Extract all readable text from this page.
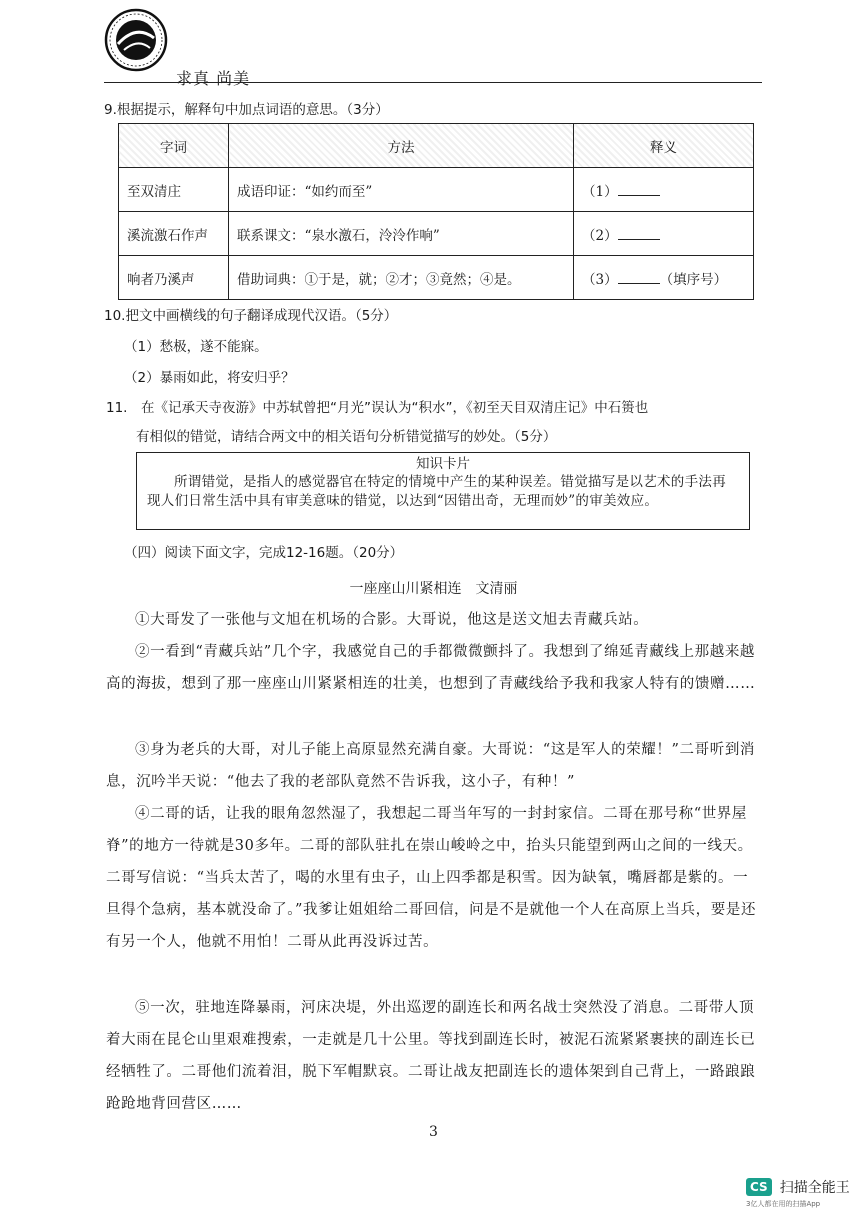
求真 尚美
9.根据提示，解释句中加点词语的意思。（3分）
字词	方法	释义
至双清庄	成语印证：“如约而至”	（1）
溪流激石作声	联系课文：“泉水激石，泠泠作响”	（2）
响者乃溪声	借助词典：①于是，就；②才；③竟然；④是。	（3） （填序号）
10.把文中画横线的句子翻译成现代汉语。（5分）
（1）愁极，遂不能寐。
（2）暴雨如此，将安归乎？
11.　在《记承天寺夜游》中苏轼曾把“月光”误认为“积水”，《初至天目双清庄记》中石篑也
有相似的错觉，请结合两文中的相关语句分析错觉描写的妙处。（5分）
知识卡片
所谓错觉，是指人的感觉器官在特定的情境中产生的某种误差。错觉描写是以艺术的手法再现人们日常生活中具有审美意味的错觉，以达到“因错出奇，无理而妙”的审美效应。
（四）阅读下面文字，完成12-16题。（20分）
一座座山川紧相连　文清丽
①大哥发了一张他与文旭在机场的合影。大哥说，他这是送文旭去青藏兵站。
②一看到“青藏兵站”几个字，我感觉自己的手都微微颤抖了。我想到了绵延青藏线上那越来越高的海拔，想到了那一座座山川紧紧相连的壮美，也想到了青藏线给予我和我家人特有的馈赠……
③身为老兵的大哥，对儿子能上高原显然充满自豪。大哥说：“这是军人的荣耀！”二哥听到消息，沉吟半天说：“他去了我的老部队竟然不告诉我，这小子，有种！”
④二哥的话，让我的眼角忽然湿了，我想起二哥当年写的一封封家信。二哥在那号称“世界屋脊”的地方一待就是30多年。二哥的部队驻扎在崇山峻岭之中，抬头只能望到两山之间的一线天。二哥写信说：“当兵太苦了，喝的水里有虫子，山上四季都是积雪。因为缺氧，嘴唇都是紫的。一旦得个急病，基本就没命了。”我爹让姐姐给二哥回信，问是不是就他一个人在高原上当兵，要是还有另一个人，他就不用怕！二哥从此再没诉过苦。
⑤一次，驻地连降暴雨，河床决堤，外出巡逻的副连长和两名战士突然没了消息。二哥带人顶着大雨在昆仑山里艰难搜索，一走就是几十公里。等找到副连长时，被泥石流紧紧裹挟的副连长已经牺牲了。二哥他们流着泪，脱下军帽默哀。二哥让战友把副连长的遗体架到自己背上，一路踉踉跄跄地背回营区……
3
CS 扫描全能王
3亿人都在用的扫描App
